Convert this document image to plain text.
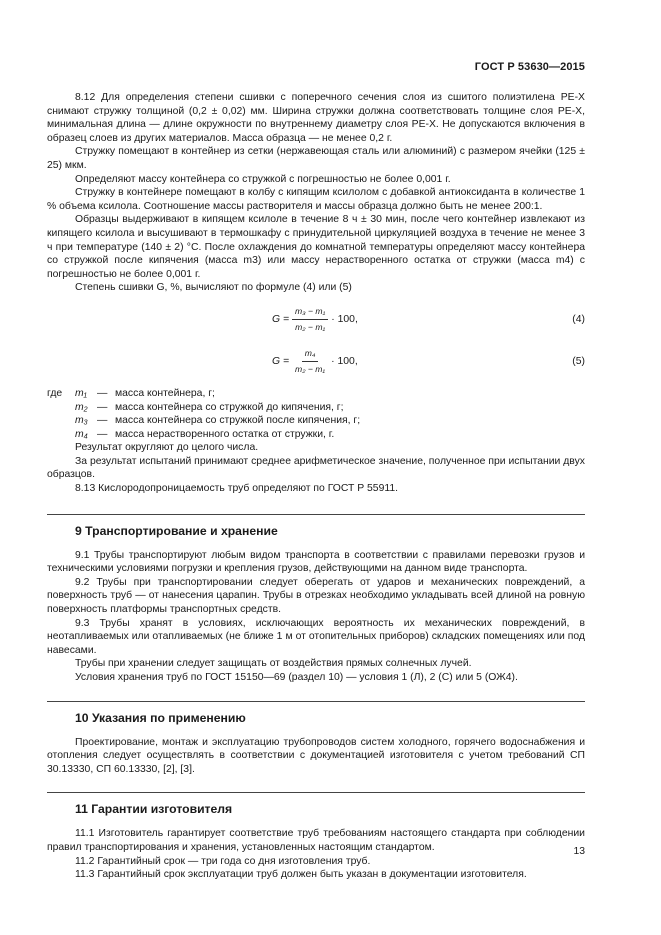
ГОСТ Р 53630—2015

8.12 Для определения степени сшивки с поперечного сечения слоя из сшитого полиэтилена PE-X снимают стружку толщиной (0,2 ± 0,02) мм. Ширина стружки должна соответствовать толщине слоя PE-X, минимальная длина — длине окружности по внутреннему диаметру слоя PE-X. Не допускаются включения в образец слоев из других материалов. Масса образца — не менее 0,2 г.

Стружку помещают в контейнер из сетки (нержавеющая сталь или алюминий) с размером ячейки (125 ± 25) мкм.

Определяют массу контейнера со стружкой с погрешностью не более 0,001 г.

Стружку в контейнере помещают в колбу с кипящим ксилолом с добавкой антиоксиданта в количестве 1 % объема ксилола. Соотношение массы растворителя и массы образца должно быть не менее 200:1.

Образцы выдерживают в кипящем ксилоле в течение 8 ч ± 30 мин, после чего контейнер извлекают из кипящего ксилола и высушивают в термошкафу с принудительной циркуляцией воздуха в течение не менее 3 ч при температуре (140 ± 2) °С. После охлаждения до комнатной температуры определяют массу контейнера со стружкой после кипячения (масса m3) или массу нерастворенного остатка от стружки (масса m4) с погрешностью не более 0,001 г.

Степень сшивки G, %, вычисляют по формуле (4) или (5)

$G = \frac{\text{m₃ − m₁}}{\text{m₂ − m₁}} \cdot 100$,	(4)
$G = \frac{\text{m₄}}{\text{m₂ − m₁}} \cdot 100$,	(5)
где	m₁ — масса контейнера, г;
m₂ — масса контейнера со стружкой до кипячения, г;
m₃ — масса контейнера со стружкой после кипячения, г;
m₄ — масса нерастворенного остатка от стружки, г.

Результат округляют до целого числа.

За результат испытаний принимают среднее арифметическое значение, полученное при испытании двух образцов.

8.13 Кислородопроницаемость труб определяют по ГОСТ Р 55911.

9 Транспортирование и хранение

9.1 Трубы транспортируют любым видом транспорта в соответствии с правилами перевозки грузов и техническими условиями погрузки и крепления грузов, действующими на данном виде транспорта.

9.2 Трубы при транспортировании следует оберегать от ударов и механических повреждений, а поверхность труб — от нанесения царапин. Трубы в отрезках необходимо укладывать всей длиной на ровную поверхность платформы транспортных средств.

9.3 Трубы хранят в условиях, исключающих вероятность их механических повреждений, в неотапливаемых или отапливаемых (не ближе 1 м от отопительных приборов) складских помещениях или под навесами.

Трубы при хранении следует защищать от воздействия прямых солнечных лучей.

Условия хранения труб по ГОСТ 15150—69 (раздел 10) — условия 1 (Л), 2 (С) или 5 (ОЖ4).

10 Указания по применению

Проектирование, монтаж и эксплуатацию трубопроводов систем холодного, горячего водоснабжения и отопления следует осуществлять в соответствии с документацией изготовителя с учетом требований СП 30.13330, СП 60.13330, [2], [3].

11 Гарантии изготовителя

11.1 Изготовитель гарантирует соответствие труб требованиям настоящего стандарта при соблюдении правил транспортирования и хранения, установленных настоящим стандартом.

11.2 Гарантийный срок — три года со дня изготовления труб.

11.3 Гарантийный срок эксплуатации труб должен быть указан в документации изготовителя.

13
